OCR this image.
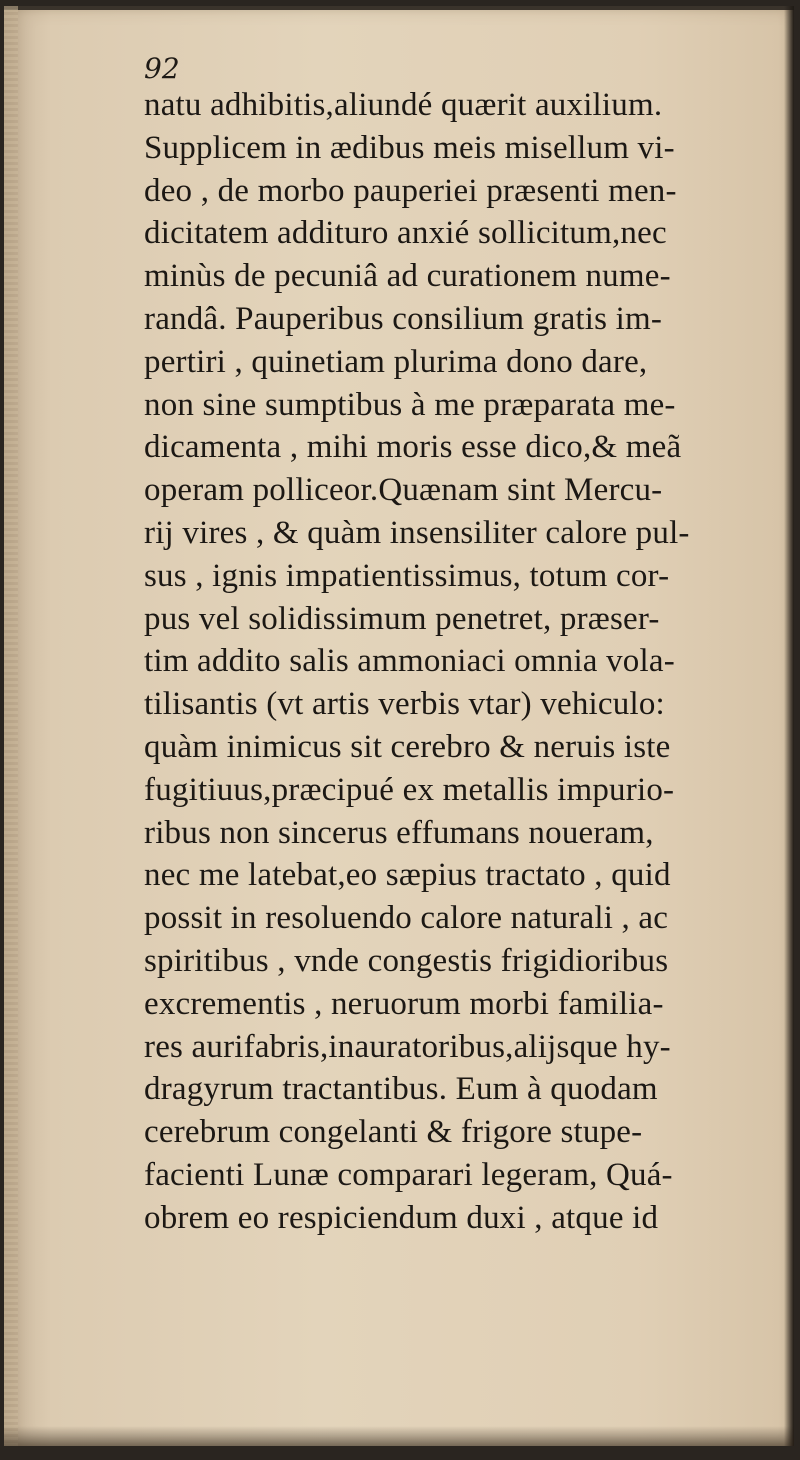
92
natu adhibitis,aliundé quærit auxilium.
Supplicem in ædibus meis misellum vi-
deo , de morbo pauperiei præsenti men-
dicitatem addituro anxié sollicitum,nec
minùs de pecuniâ ad curationem nume-
randâ. Pauperibus consilium gratis im-
pertiri , quinetiam plurima dono dare,
non sine sumptibus à me præparata me-
dicamenta , mihi moris esse dico,& meã
operam polliceor.Quænam sint Mercu-
rij vires , & quàm insensiliter calore pul-
sus , ignis impatientissimus, totum cor-
pus vel solidissimum penetret, præser-
tim addito salis ammoniaci omnia vola-
tilisantis (vt artis verbis vtar) vehiculo:
quàm inimicus sit cerebro & neruis iste
fugitiuus,præcipué ex metallis impurio-
ribus non sincerus effumans noueram,
nec me latebat,eo sæpius tractato , quid
possit in resoluendo calore naturali , ac
spiritibus , vnde congestis frigidioribus
excrementis , neruorum morbi familia-
res aurifabris,inauratoribus,alijsque hy-
dragyrum tractantibus. Eum à quodam
cerebrum congelanti & frigore stupe-
facienti Lunæ comparari legeram, Quá-
obrem eo respiciendum duxi , atque id
